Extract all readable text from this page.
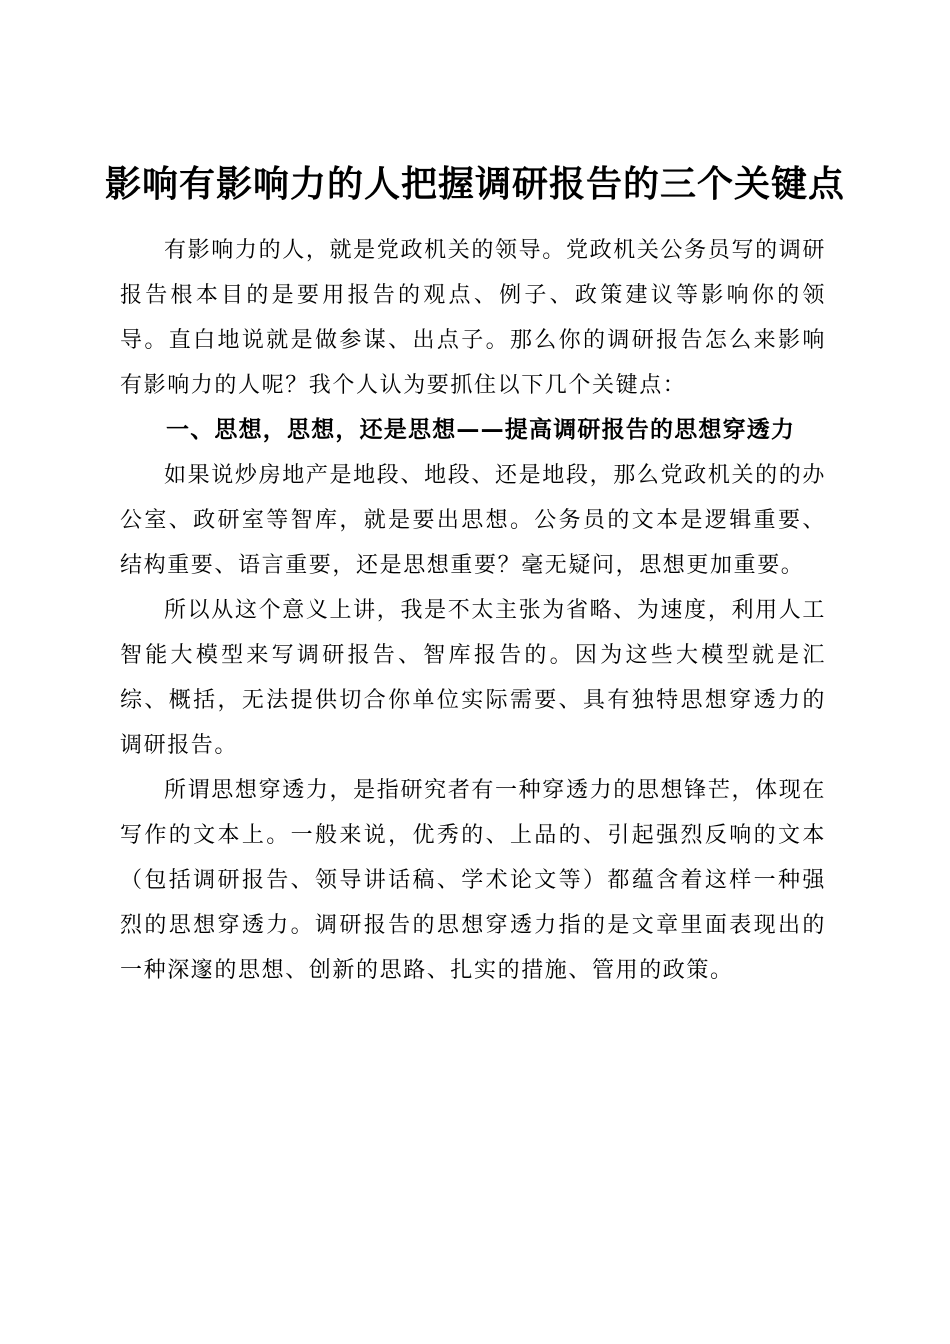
影响有影响力的人把握调研报告的三个关键点

有影响力的人，就是党政机关的领导。党政机关公务员写的调研报告根本目的是要用报告的观点、例子、政策建议等影响你的领导。直白地说就是做参谋、出点子。那么你的调研报告怎么来影响有影响力的人呢？我个人认为要抓住以下几个关键点：

一、思想，思想，还是思想——提高调研报告的思想穿透力

如果说炒房地产是地段、地段、还是地段，那么党政机关的的办公室、政研室等智库，就是要出思想。公务员的文本是逻辑重要、结构重要、语言重要，还是思想重要？毫无疑问，思想更加重要。

所以从这个意义上讲，我是不太主张为省略、为速度，利用人工智能大模型来写调研报告、智库报告的。因为这些大模型就是汇综、概括，无法提供切合你单位实际需要、具有独特思想穿透力的调研报告。

所谓思想穿透力，是指研究者有一种穿透力的思想锋芒，体现在写作的文本上。一般来说，优秀的、上品的、引起强烈反响的文本（包括调研报告、领导讲话稿、学术论文等）都蕴含着这样一种强烈的思想穿透力。调研报告的思想穿透力指的是文章里面表现出的一种深邃的思想、创新的思路、扎实的措施、管用的政策。
